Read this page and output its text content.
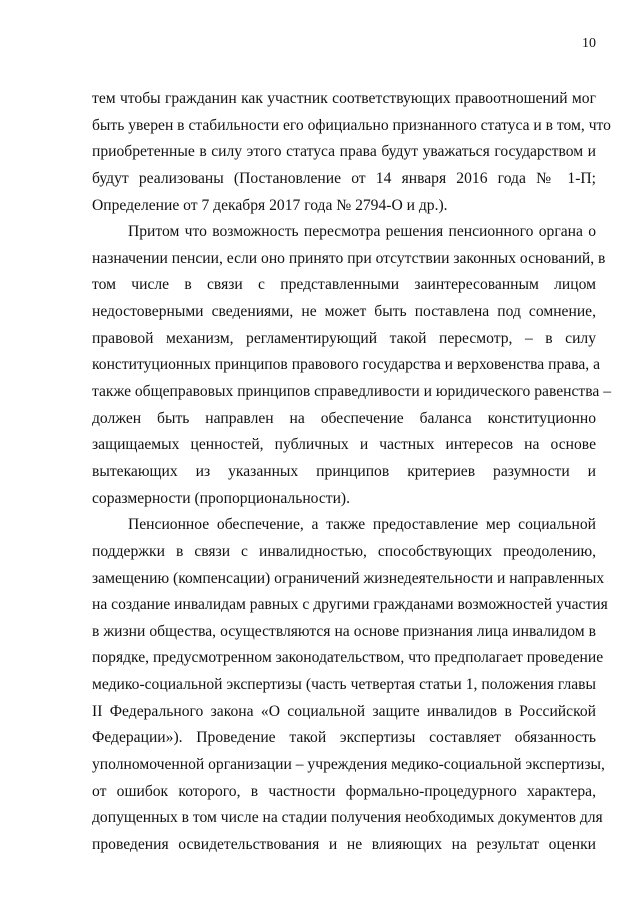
10
тем чтобы гражданин как участник соответствующих правоотношений мог
быть уверен в стабильности его официально признанного статуса и в том, что
приобретенные в силу этого статуса права будут уважаться государством и
будут реализованы (Постановление от 14 января 2016 года № 1-П;
Определение от 7 декабря 2017 года № 2794-О и др.).
Притом что возможность пересмотра решения пенсионного органа о
назначении пенсии, если оно принято при отсутствии законных оснований, в
том числе в связи с представленными заинтересованным лицом
недостоверными сведениями, не может быть поставлена под сомнение,
правовой механизм, регламентирующий такой пересмотр, – в силу
конституционных принципов правового государства и верховенства права, а
также общеправовых принципов справедливости и юридического равенства –
должен быть направлен на обеспечение баланса конституционно
защищаемых ценностей, публичных и частных интересов на основе
вытекающих из указанных принципов критериев разумности и
соразмерности (пропорциональности).
Пенсионное обеспечение, а также предоставление мер социальной
поддержки в связи с инвалидностью, способствующих преодолению,
замещению (компенсации) ограничений жизнедеятельности и направленных
на создание инвалидам равных с другими гражданами возможностей участия
в жизни общества, осуществляются на основе признания лица инвалидом в
порядке, предусмотренном законодательством, что предполагает проведение
медико-социальной экспертизы (часть четвертая статьи 1, положения главы
II Федерального закона «О социальной защите инвалидов в Российской
Федерации»). Проведение такой экспертизы составляет обязанность
уполномоченной организации – учреждения медико-социальной экспертизы,
от ошибок которого, в частности формально-процедурного характера,
допущенных в том числе на стадии получения необходимых документов для
проведения освидетельствования и не влияющих на результат оценки
